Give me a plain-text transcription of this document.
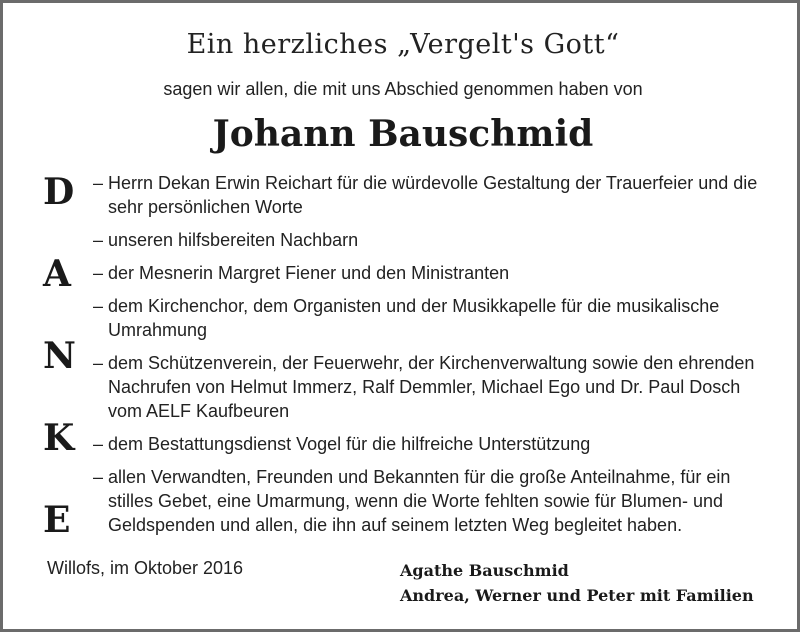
Ein herzliches „Vergelt's Gott“
sagen wir allen, die mit uns Abschied genommen haben von
Johann Bauschmid
D
A
N
K
E
– Herrn Dekan Erwin Reichart für die würdevolle Gestaltung der Trauerfeier und die sehr persönlichen Worte
– unseren hilfsbereiten Nachbarn
– der Mesnerin Margret Fiener und den Ministranten
– dem Kirchenchor, dem Organisten und der Musikkapelle für die musikalische Umrahmung
– dem Schützenverein, der Feuerwehr, der Kirchenverwaltung sowie den ehrenden Nachrufen von Helmut Immerz, Ralf Demmler, Michael Ego und Dr. Paul Dosch vom AELF Kaufbeuren
– dem Bestattungsdienst Vogel für die hilfreiche Unterstützung
– allen Verwandten, Freunden und Bekannten für die große Anteilnahme, für ein stilles Gebet, eine Umarmung, wenn die Worte fehlten sowie für Blumen- und Geldspenden und allen, die ihn auf seinem letzten Weg begleitet haben.
Willofs, im Oktober 2016	Agathe Bauschmid
Andrea, Werner und Peter mit Familien
